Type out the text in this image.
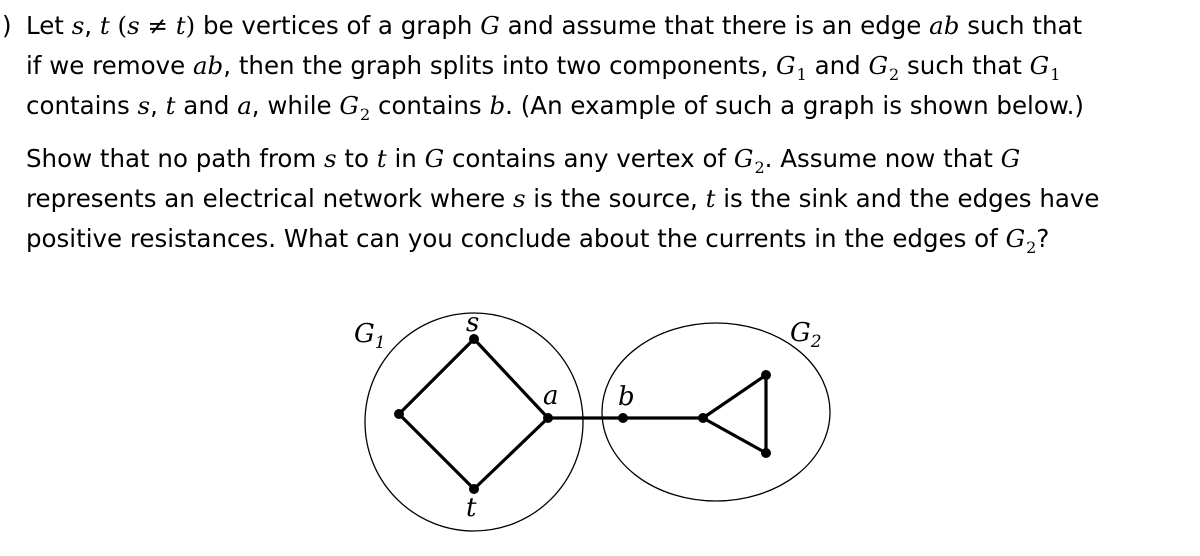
) Let s, t (s ≠ t) be vertices of a graph G and assume that there is an edge ab such that
if we remove ab, then the graph splits into two components, $G_1$ and $G_2$ such that $G_1$
contains s, t and a, while $G_2$ contains b. (An example of such a graph is shown below.)
Show that no path from s to t in G contains any vertex of $G_2$. Assume now that G
represents an electrical network where s is the source, t is the sink and the edges have
positive resistances. What can you conclude about the currents in the edges of $G_2$?
$G_1$	$G_2$
s
t
a b
